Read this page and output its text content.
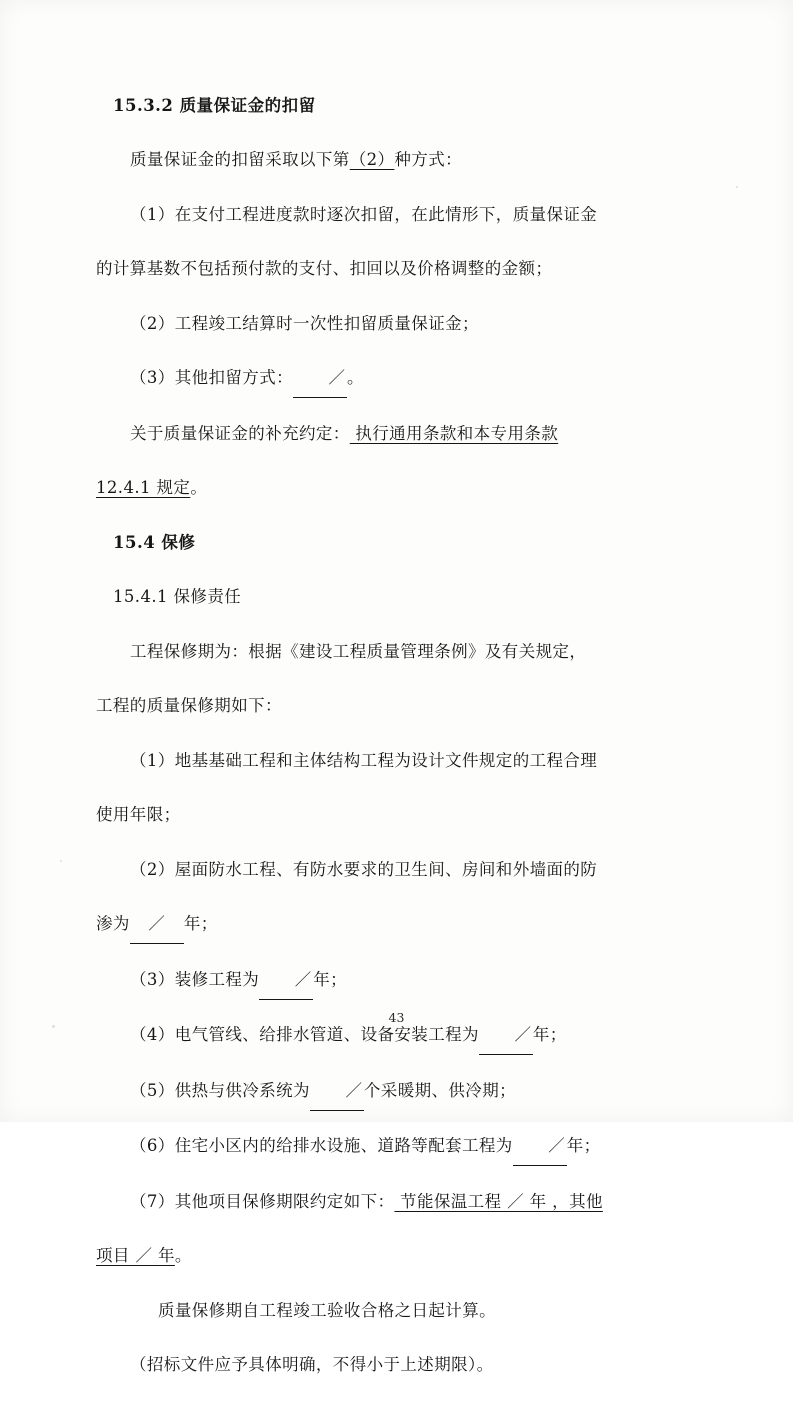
15.3.2 质量保证金的扣留

质量保证金的扣留采取以下第（2）种方式：

（1）在支付工程进度款时逐次扣留，在此情形下，质量保证金

的计算基数不包括预付款的支付、扣回以及价格调整的金额；

（2）工程竣工结算时一次性扣留质量保证金；

（3）其他扣留方式： ／。

关于质量保证金的补充约定： 执行通用条款和本专用条款

12.4.1 规定。

15.4 保修

15.4.1 保修责任

工程保修期为：根据《建设工程质量管理条例》及有关规定，

工程的质量保修期如下：

（1）地基基础工程和主体结构工程为设计文件规定的工程合理

使用年限；

（2）屋面防水工程、有防水要求的卫生间、房间和外墙面的防

渗为 ／ 年；

（3）装修工程为 ／年；

（4）电气管线、给排水管道、设备安装工程为 ／年；

（5）供热与供冷系统为 ／个采暖期、供冷期；

（6）住宅小区内的给排水设施、道路等配套工程为 ／年；

（7）其他项目保修期限约定如下： 节能保温工程 ／ 年 ，其他

项目 ／ 年。

质量保修期自工程竣工验收合格之日起计算。

（招标文件应予具体明确，不得小于上述期限）。

43
